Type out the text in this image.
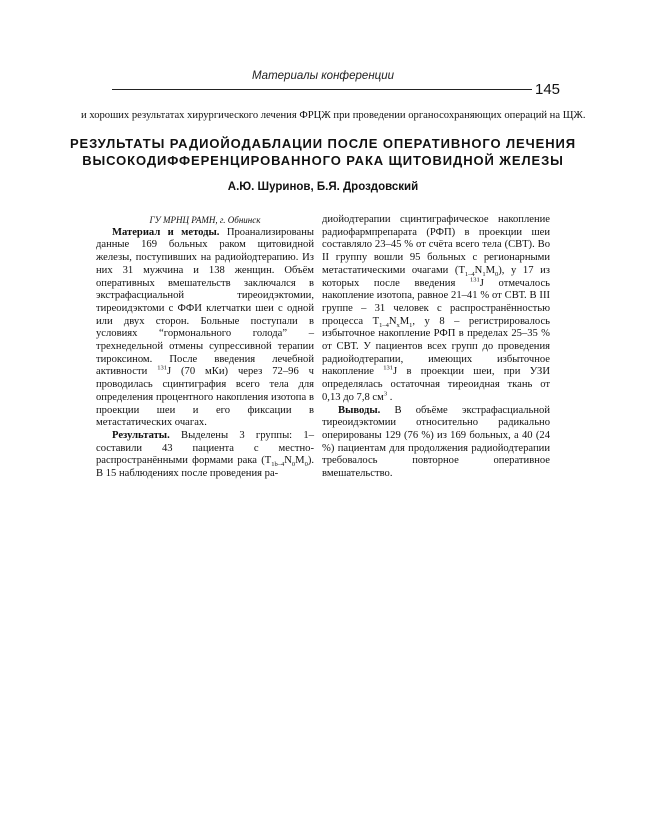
Материалы конференции
145
и хороших результатах хирургического лечения ФРЦЖ при проведении органосохраняющих операций на ЩЖ.
РЕЗУЛЬТАТЫ РАДИОЙОДАБЛАЦИИ ПОСЛЕ ОПЕРАТИВНОГО ЛЕЧЕНИЯ
ВЫСОКОДИФФЕРЕНЦИРОВАННОГО РАКА ЩИТОВИДНОЙ ЖЕЛЕЗЫ
А.Ю. Шуринов, Б.Я. Дроздовский

ГУ МРНЦ РАМН, г. Обнинск

Материал и методы. Проанализированы данные 169 больных раком щитовидной железы, поступивших на радиойодтерапию. Из них 31 мужчина и 138 женщин. Объём оперативных вмешательств заключался в экстрафасциальной тиреоидэктомии, тиреоидэктоми с ФФИ клетчатки шеи с одной или двух сторон. Больные поступали в условиях “гормонального голода” – трехнедельной отмены супрессивной терапии тироксином. После введения лечебной активности $^{131}$J (70 мКи) через 72–96 ч проводилась сцинтиграфия всего тела для определения процентного накопления изотопа в проекции шеи и его фиксации в метастатических очагах.

Результаты. Выделены 3 группы: 1– составили 43 пациента с местно-распространёнными формами рака $(T_{1b-4}N_0M_0)$. В 15 наблюдениях после проведения ра-

диойодтерапии сцинтиграфическое накопление радиофармпрепарата (РФП) в проекции шеи составляло 23–45 % от счёта всего тела (СВТ). Во II группу вошли 95 больных с регионарными метастатическими очагами $(T_{1-4}N_1M_0)$, у 17 из которых после введения $^{131}$J отмечалось накопление изотопа, равное 21–41 % от СВТ. В III группе – 31 человек с распространённостью процесса $T_{1-4}N_xM_1$, у 8 – регистрировалось избыточное накопление РФП в пределах 25–35 % от СВТ. У пациентов всех групп до проведения радиойодтерапии, имеющих избыточное накопление $^{131}$J в проекции шеи, при УЗИ определялась остаточная тиреоидная ткань от 0,13 до 7,8 $см^3$ .

Выводы. В объёме экстрафасциальной тиреоидэктомии относительно радикально оперированы 129 (76 %) из 169 больных, а 40 (24 %) пациентам для продолжения радиойодтерапии требовалось повторное оперативное вмешательство.
